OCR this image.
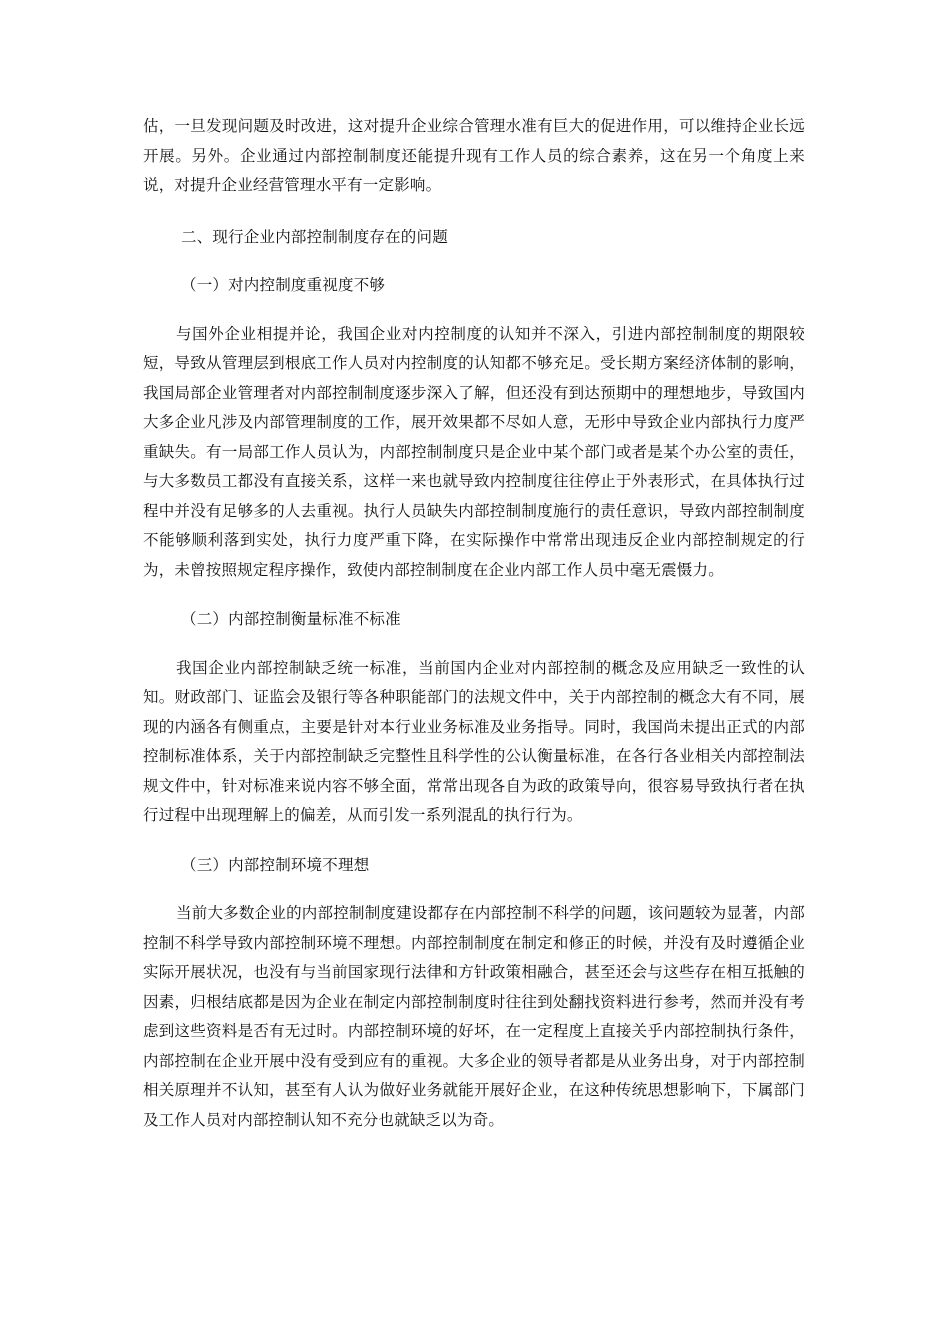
估，一旦发现问题及时改进，这对提升企业综合管理水准有巨大的促进作用，可以维持企业长远开展。另外。企业通过内部控制制度还能提升现有工作人员的综合素养，这在另一个角度上来说，对提升企业经营管理水平有一定影响。

二、现行企业内部控制制度存在的问题

（一）对内控制度重视度不够

与国外企业相提并论，我国企业对内控制度的认知并不深入，引进内部控制制度的期限较短，导致从管理层到根底工作人员对内控制度的认知都不够充足。受长期方案经济体制的影响，我国局部企业管理者对内部控制制度逐步深入了解，但还没有到达预期中的理想地步，导致国内大多企业凡涉及内部管理制度的工作，展开效果都不尽如人意，无形中导致企业内部执行力度严重缺失。有一局部工作人员认为，内部控制制度只是企业中某个部门或者是某个办公室的责任，与大多数员工都没有直接关系，这样一来也就导致内控制度往往停止于外表形式，在具体执行过程中并没有足够多的人去重视。执行人员缺失内部控制制度施行的责任意识，导致内部控制制度不能够顺利落到实处，执行力度严重下降，在实际操作中常常出现违反企业内部控制规定的行为，未曾按照规定程序操作，致使内部控制制度在企业内部工作人员中毫无震慑力。

（二）内部控制衡量标准不标准

我国企业内部控制缺乏统一标准，当前国内企业对内部控制的概念及应用缺乏一致性的认知。财政部门、证监会及银行等各种职能部门的法规文件中，关于内部控制的概念大有不同，展现的内涵各有侧重点，主要是针对本行业业务标准及业务指导。同时，我国尚未提出正式的内部控制标准体系，关于内部控制缺乏完整性且科学性的公认衡量标准，在各行各业相关内部控制法规文件中，针对标准来说内容不够全面，常常出现各自为政的政策导向，很容易导致执行者在执行过程中出现理解上的偏差，从而引发一系列混乱的执行行为。

（三）内部控制环境不理想

当前大多数企业的内部控制制度建设都存在内部控制不科学的问题，该问题较为显著，内部控制不科学导致内部控制环境不理想。内部控制制度在制定和修正的时候，并没有及时遵循企业实际开展状况，也没有与当前国家现行法律和方针政策相融合，甚至还会与这些存在相互抵触的因素，归根结底都是因为企业在制定内部控制制度时往往到处翻找资料进行参考，然而并没有考虑到这些资料是否有无过时。内部控制环境的好坏，在一定程度上直接关乎内部控制执行条件，内部控制在企业开展中没有受到应有的重视。大多企业的领导者都是从业务出身，对于内部控制相关原理并不认知，甚至有人认为做好业务就能开展好企业，在这种传统思想影响下，下属部门及工作人员对内部控制认知不充分也就缺乏以为奇。
